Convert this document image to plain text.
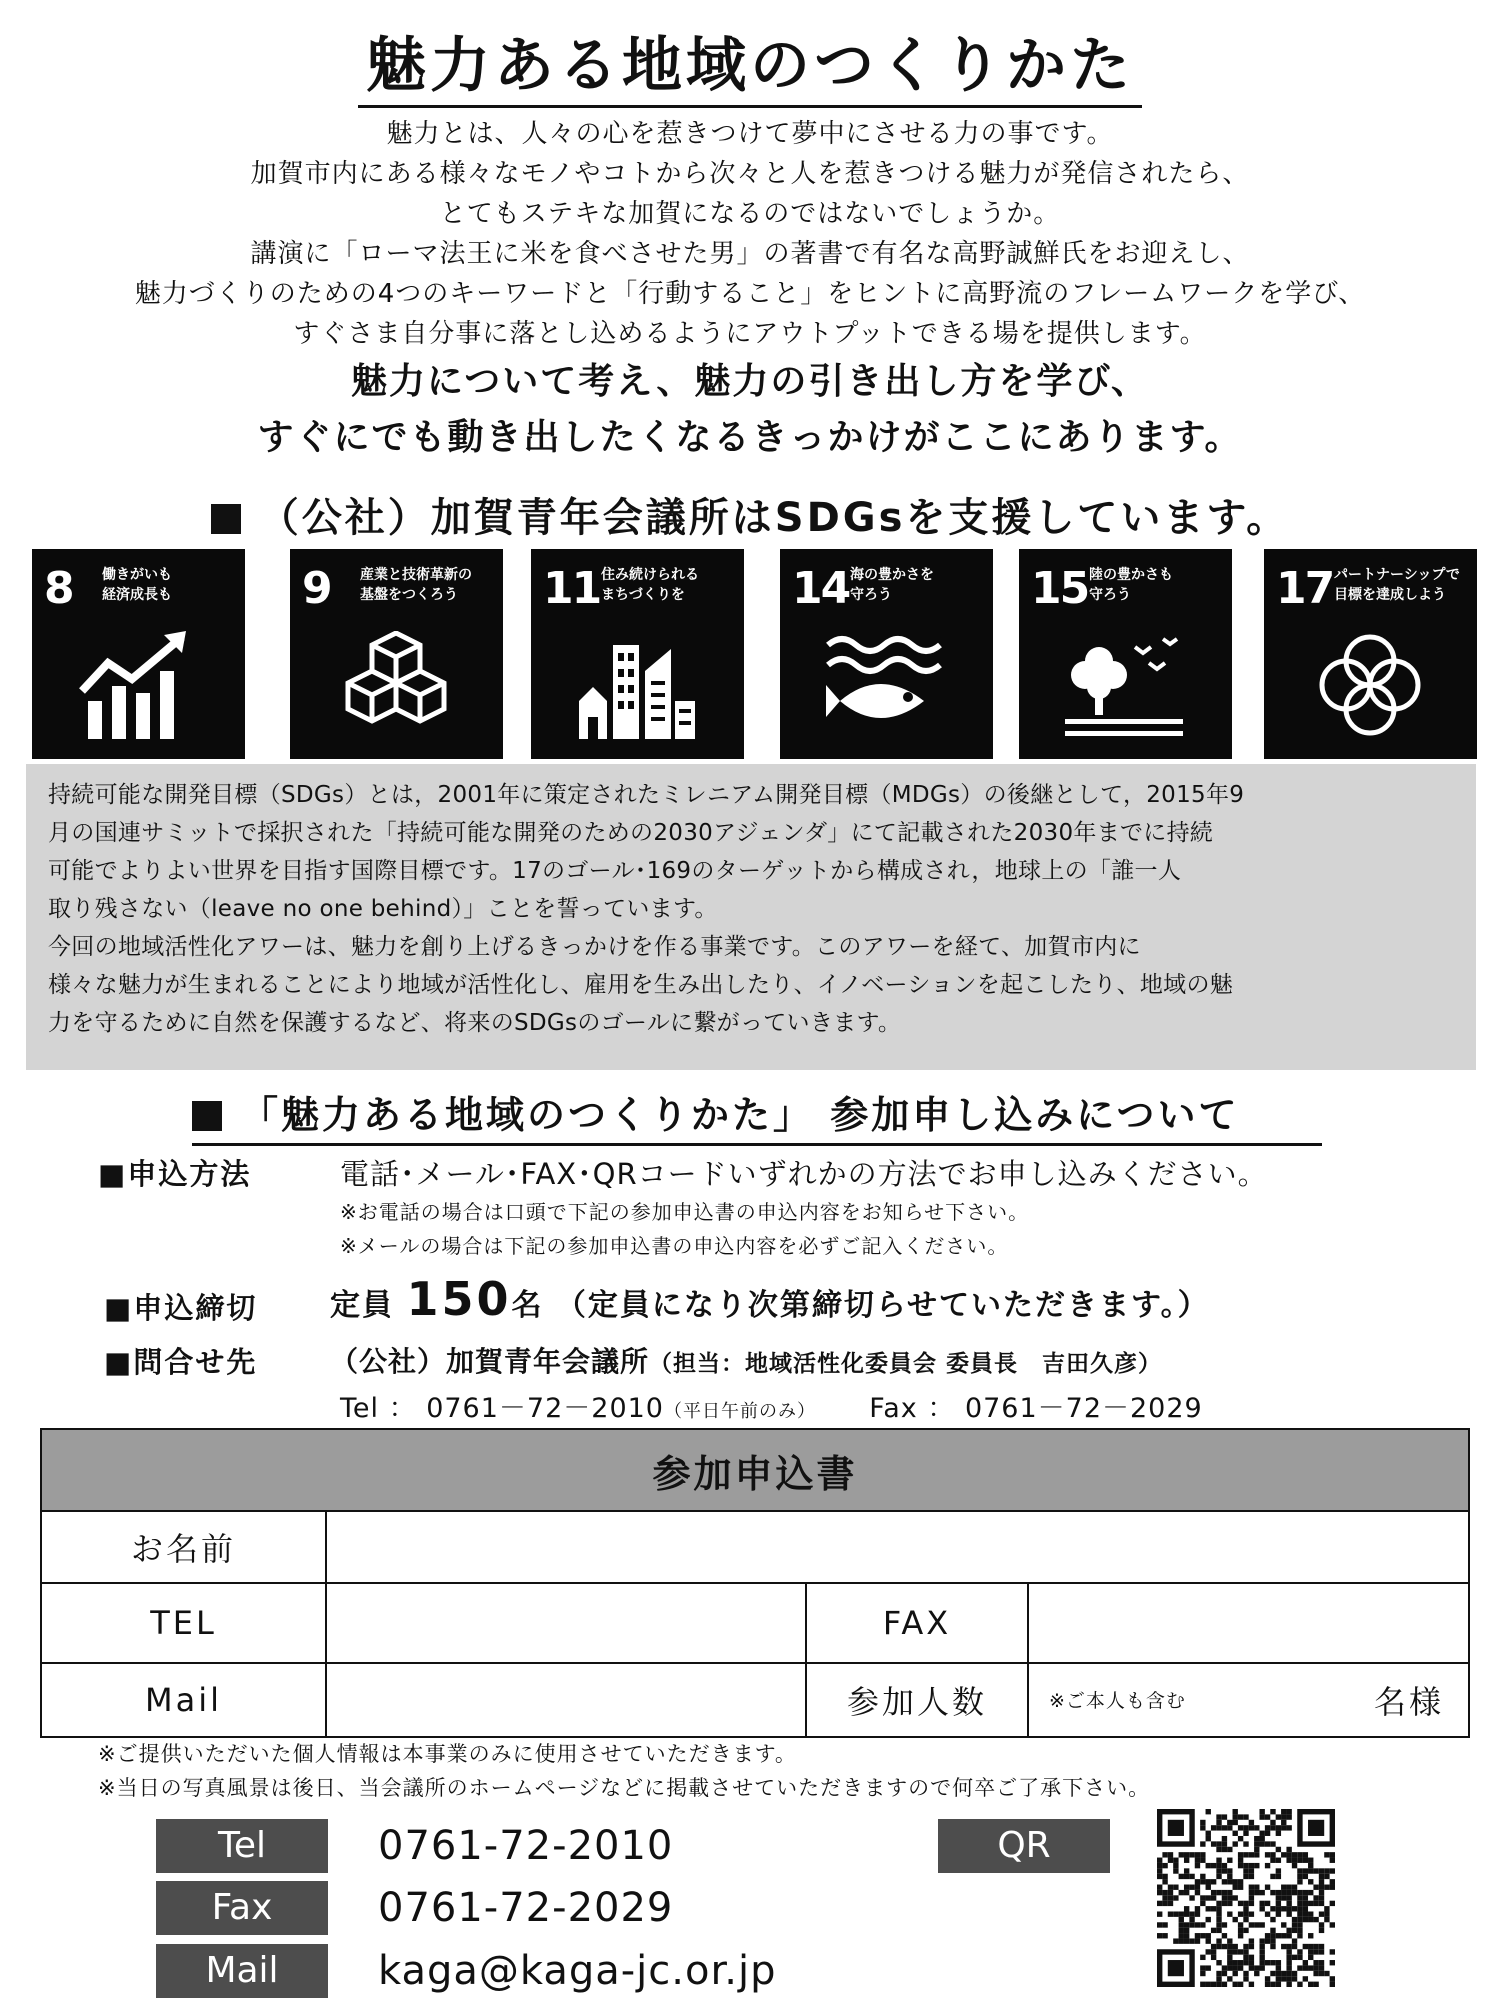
魅力ある地域のつくりかた
魅力とは、人々の心を惹きつけて夢中にさせる力の事です。
加賀市内にある様々なモノやコトから次々と人を惹きつける魅力が発信されたら、
とてもステキな加賀になるのではないでしょうか。
講演に「ローマ法王に米を食べさせた男」の著書で有名な高野誠鮮氏をお迎えし、
魅力づくりのための4つのキーワードと「行動すること」をヒントに高野流のフレームワークを学び、
すぐさま自分事に落とし込めるようにアウトプットできる場を提供します。
魅力について考え、魅力の引き出し方を学び、
すぐにでも動き出したくなるきっかけがここにあります。
（公社）加賀青年会議所はSDGsを支援しています。
8 働きがいも
経済成長も	9 産業と技術革新の
基盤をつくろう	11 住み続けられる
まちづくりを	14 海の豊かさを
守ろう	15 陸の豊かさも
守ろう	17 パートナーシップで
目標を達成しよう

持続可能な開発目標（SDGs）とは，2001年に策定されたミレニアム開発目標（MDGs）の後継として，2015年9

月の国連サミットで採択された「持続可能な開発のための2030アジェンダ」にて記載された2030年までに持続

可能でよりよい世界を目指す国際目標です。17のゴール･169のターゲットから構成され，地球上の「誰一人

取り残さない（leave no one behind）」ことを誓っています。

今回の地域活性化アワーは、魅力を創り上げるきっかけを作る事業です。このアワーを経て、加賀市内に

様々な魅力が生まれることにより地域が活性化し、雇用を生み出したり、イノベーションを起こしたり、地域の魅

力を守るために自然を保護するなど、将来のSDGsのゴールに繋がっていきます。

「魅力ある地域のつくりかた」 参加申し込みについて
■申込方法	電話･メール･FAX･QRコードいずれかの方法でお申し込みください。
※お電話の場合は口頭で下記の参加申込書の申込内容をお知らせ下さい。
※メールの場合は下記の参加申込書の申込内容を必ずご記入ください。
■申込締切 定員 150名 （定員になり次第締切らせていただきます。）
■問合せ先	（公社）加賀青年会議所（担当：地域活性化委員会 委員長　吉田久彦）
Tel ： 0761－72－2010（平日午前のみ） Fax ： 0761－72－2029
参加申込書			
お名前			
TEL		FAX	
Mail		参加人数	※ご本人も含む 名様
※ご提供いただいた個人情報は本事業のみに使用させていただきます。
※当日の写真風景は後日、当会議所のホームページなどに掲載させていただきますので何卒ご了承下さい。
Tel	0761-72-2010
Fax	0761-72-2029
Mail	kaga@kaga-jc.or.jp
QR
